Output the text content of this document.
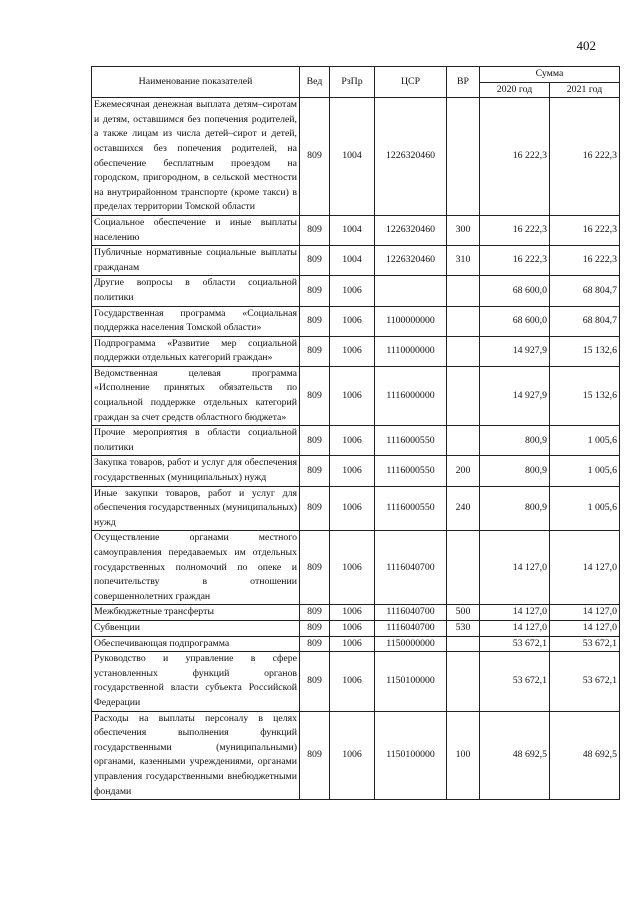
402
Наименование показателей	Вед	РзПр	ЦСР	ВР	Сумма	
					2020 год	2021 год
Ежемесячная денежная выплата детям–сиротам и детям, оставшимся без попечения родителей, а также лицам из числа детей–сирот и детей, оставшихся без попечения родителей, на обеспечение бесплатным проездом на городском, пригородном, в сельской местности на внутрирайонном транспорте (кроме такси) в пределах территории Томской области	809	1004	1226320460		16 222,3	16 222,3
Социальное обеспечение и иные выплаты населению	809	1004	1226320460	300	16 222,3	16 222,3
Публичные нормативные социальные выплаты гражданам	809	1004	1226320460	310	16 222,3	16 222,3
Другие вопросы в области социальной политики	809	1006			68 600,0	68 804,7
Государственная программа «Социальная поддержка населения Томской области»	809	1006	1100000000		68 600,0	68 804,7
Подпрограмма «Развитие мер социальной поддержки отдельных категорий граждан»	809	1006	1110000000		14 927,9	15 132,6
Ведомственная целевая программа «Исполнение принятых обязательств по социальной поддержке отдельных категорий граждан за счет средств областного бюджета»	809	1006	1116000000		14 927,9	15 132,6
Прочие мероприятия в области социальной политики	809	1006	1116000550		800,9	1 005,6
Закупка товаров, работ и услуг для обеспечения государственных (муниципальных) нужд	809	1006	1116000550	200	800,9	1 005,6
Иные закупки товаров, работ и услуг для обеспечения государственных (муниципальных) нужд	809	1006	1116000550	240	800,9	1 005,6
Осуществление органами местного самоуправления передаваемых им отдельных государственных полномочий по опеке и попечительству в отношении совершеннолетних граждан	809	1006	1116040700		14 127,0	14 127,0
Межбюджетные трансферты	809	1006	1116040700	500	14 127,0	14 127,0
Субвенции	809	1006	1116040700	530	14 127,0	14 127,0
Обеспечивающая подпрограмма	809	1006	1150000000		53 672,1	53 672,1
Руководство и управление в сфере установленных функций органов государственной власти субъекта Российской Федерации	809	1006	1150100000		53 672,1	53 672,1
Расходы на выплаты персоналу в целях обеспечения выполнения функций государственными (муниципальными) органами, казенными учреждениями, органами управления государственными внебюджетными фондами	809	1006	1150100000	100	48 692,5	48 692,5
